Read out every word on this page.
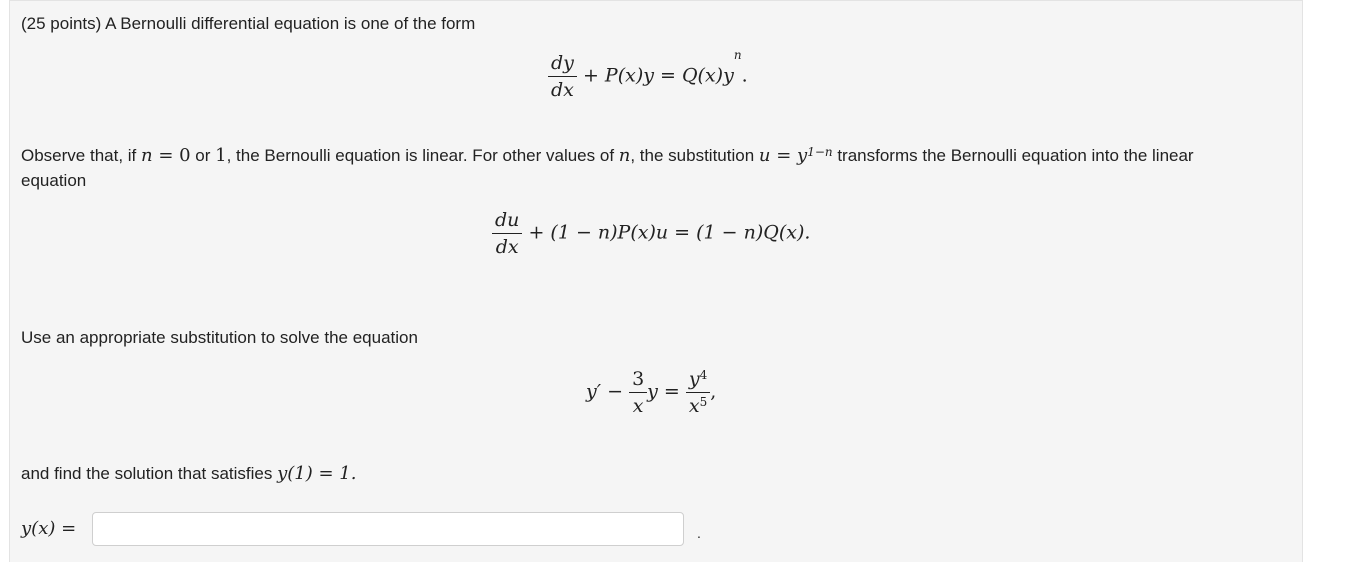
(25 points) A Bernoulli differential equation is one of the form
$\frac{dy}{dx} + P(x)y = Q(x)y^n$.
Observe that, if n = 0 or 1, the Bernoulli equation is linear. For other values of n, the substitution $u = y^{1-n}$ transforms the Bernoulli equation into the linear
equation
$\frac{du}{dx} + (1 - n)P(x)u = (1 - n)Q(x)$.
Use an appropriate substitution to solve the equation
$y' - \frac{3}{x}$ $y = \frac{y^4}{x^5}$ ,
and find the solution that satisfies y(1) = 1.
y(x) =	.
